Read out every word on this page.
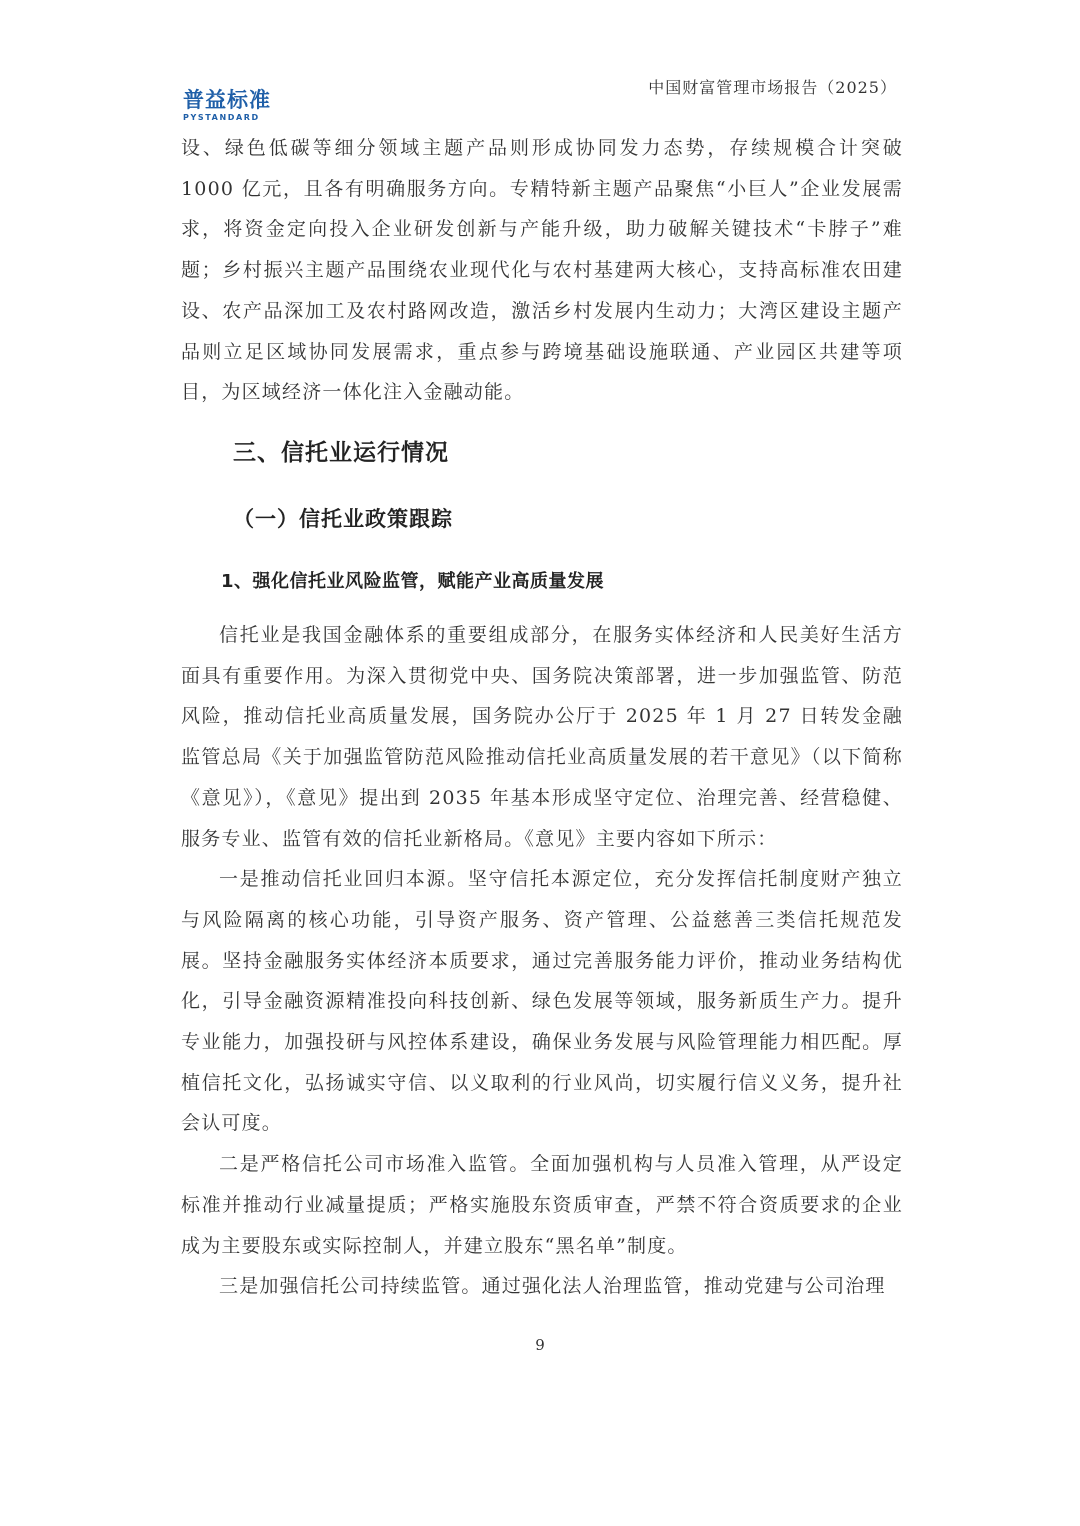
普益标准
PYSTANDARD
中国财富管理市场报告（2025）

设、绿色低碳等细分领域主题产品则形成协同发力态势，存续规模合计突破 1000 亿元，且各有明确服务方向。专精特新主题产品聚焦“小巨人”企业发展需求，将资金定向投入企业研发创新与产能升级，助力破解关键技术“卡脖子”难题；乡村振兴主题产品围绕农业现代化与农村基建两大核心，支持高标准农田建设、农产品深加工及农村路网改造，激活乡村发展内生动力；大湾区建设主题产品则立足区域协同发展需求，重点参与跨境基础设施联通、产业园区共建等项目，为区域经济一体化注入金融动能。

三、信托业运行情况
（一）信托业政策跟踪
1、强化信托业风险监管，赋能产业高质量发展

信托业是我国金融体系的重要组成部分，在服务实体经济和人民美好生活方面具有重要作用。为深入贯彻党中央、国务院决策部署，进一步加强监管、防范风险，推动信托业高质量发展，国务院办公厅于 2025 年 1 月 27 日转发金融监管总局《关于加强监管防范风险推动信托业高质量发展的若干意见》（以下简称《意见》），《意见》提出到 2035 年基本形成坚守定位、治理完善、经营稳健、服务专业、监管有效的信托业新格局。《意见》主要内容如下所示：

一是推动信托业回归本源。坚守信托本源定位，充分发挥信托制度财产独立与风险隔离的核心功能，引导资产服务、资产管理、公益慈善三类信托规范发展。坚持金融服务实体经济本质要求，通过完善服务能力评价，推动业务结构优化，引导金融资源精准投向科技创新、绿色发展等领域，服务新质生产力。提升专业能力，加强投研与风控体系建设，确保业务发展与风险管理能力相匹配。厚植信托文化，弘扬诚实守信、以义取利的行业风尚，切实履行信义义务，提升社会认可度。

二是严格信托公司市场准入监管。全面加强机构与人员准入管理，从严设定标准并推动行业减量提质；严格实施股东资质审查，严禁不符合资质要求的企业成为主要股东或实际控制人，并建立股东“黑名单”制度。

三是加强信托公司持续监管。通过强化法人治理监管，推动党建与公司治理

9
